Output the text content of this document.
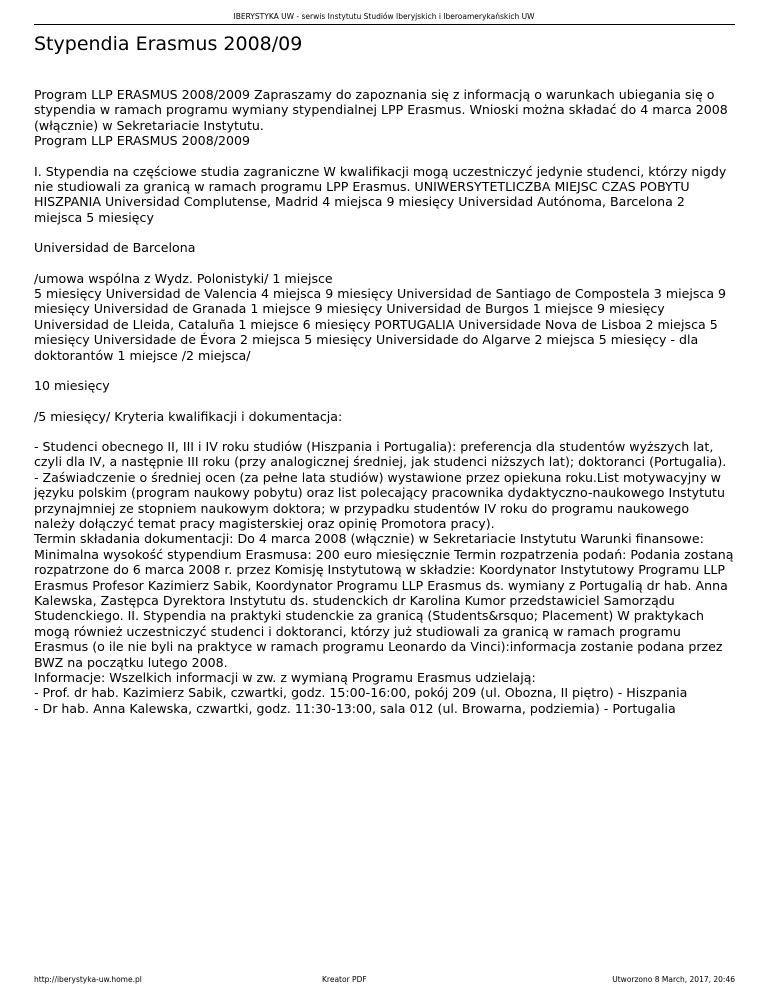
IBERYSTYKA UW - serwis Instytutu Studiów Iberyjskich i Iberoamerykańskich UW
Stypendia Erasmus 2008/09

Program LLP ERASMUS 2008/2009 Zapraszamy do zapoznania się z informacją o warunkach ubiegania się o stypendia w ramach programu wymiany stypendialnej LPP Erasmus. Wnioski można składać do 4 marca 2008 (włącznie) w Sekretariacie Instytutu.
Program LLP ERASMUS 2008/2009

I. Stypendia na częściowe studia zagraniczne W kwalifikacji mogą uczestniczyć jedynie studenci, którzy nigdy nie studiowali za granicą w ramach programu LPP Erasmus. UNIWERSYTETLICZBA MIEJSC CZAS POBYTU HISZPANIA Universidad Complutense, Madrid 4 miejsca 9 miesięcy Universidad Autónoma, Barcelona 2 miejsca 5 miesięcy

Universidad de Barcelona

/umowa wspólna z Wydz. Polonistyki/ 1 miejsce
5 miesięcy Universidad de Valencia 4 miejsca 9 miesięcy Universidad de Santiago de Compostela 3 miejsca 9 miesięcy Universidad de Granada 1 miejsce 9 miesięcy Universidad de Burgos 1 miejsce 9 miesięcy Universidad de Lleida, Cataluña 1 miejsce 6 miesięcy PORTUGALIA Universidade Nova de Lisboa 2 miejsca 5 miesięcy Universidade de Évora 2 miejsca 5 miesięcy Universidade do Algarve 2 miejsca 5 miesięcy - dla doktorantów 1 miejsce /2 miejsca/

10 miesięcy

/5 miesięcy/ Kryteria kwalifikacji i dokumentacja:

- Studenci obecnego II, III i IV roku studiów (Hiszpania i Portugalia): preferencja dla studentów wyższych lat, czyli dla IV, a następnie III roku (przy analogicznej średniej, jak studenci niższych lat); doktoranci (Portugalia).
- Zaświadczenie o średniej ocen (za pełne lata studiów) wystawione przez opiekuna roku.List motywacyjny w języku polskim (program naukowy pobytu) oraz list polecający pracownika dydaktyczno-naukowego Instytutu przynajmniej ze stopniem naukowym doktora; w przypadku studentów IV roku do programu naukowego należy dołączyć temat pracy magisterskiej oraz opinię Promotora pracy).
Termin składania dokumentacji: Do 4 marca 2008 (włącznie) w Sekretariacie Instytutu Warunki finansowe: Minimalna wysokość stypendium Erasmusa: 200 euro miesięcznie Termin rozpatrzenia podań: Podania zostaną rozpatrzone do 6 marca 2008 r. przez Komisję Instytutową w składzie: Koordynator Instytutowy Programu LLP Erasmus Profesor Kazimierz Sabik, Koordynator Programu LLP Erasmus ds. wymiany z Portugalią dr hab. Anna Kalewska, Zastępca Dyrektora Instytutu ds. studenckich dr Karolina Kumor przedstawiciel Samorządu Studenckiego. II. Stypendia na praktyki studenckie za granicą (Students&rsquo; Placement) W praktykach mogą również uczestniczyć studenci i doktoranci, którzy już studiowali za granicą w ramach programu Erasmus (o ile nie byli na praktyce w ramach programu Leonardo da Vinci):informacja zostanie podana przez BWZ na początku lutego 2008.
Informacje: Wszelkich informacji w zw. z wymianą Programu Erasmus udzielają:
- Prof. dr hab. Kazimierz Sabik, czwartki, godz. 15:00-16:00, pokój 209 (ul. Obozna, II piętro) - Hiszpania
- Dr hab. Anna Kalewska, czwartki, godz. 11:30-13:00, sala 012 (ul. Browarna, podziemia) - Portugalia

http://iberystyka-uw.home.pl	Kreator PDF	Utworzono 8 March, 2017, 20:46
